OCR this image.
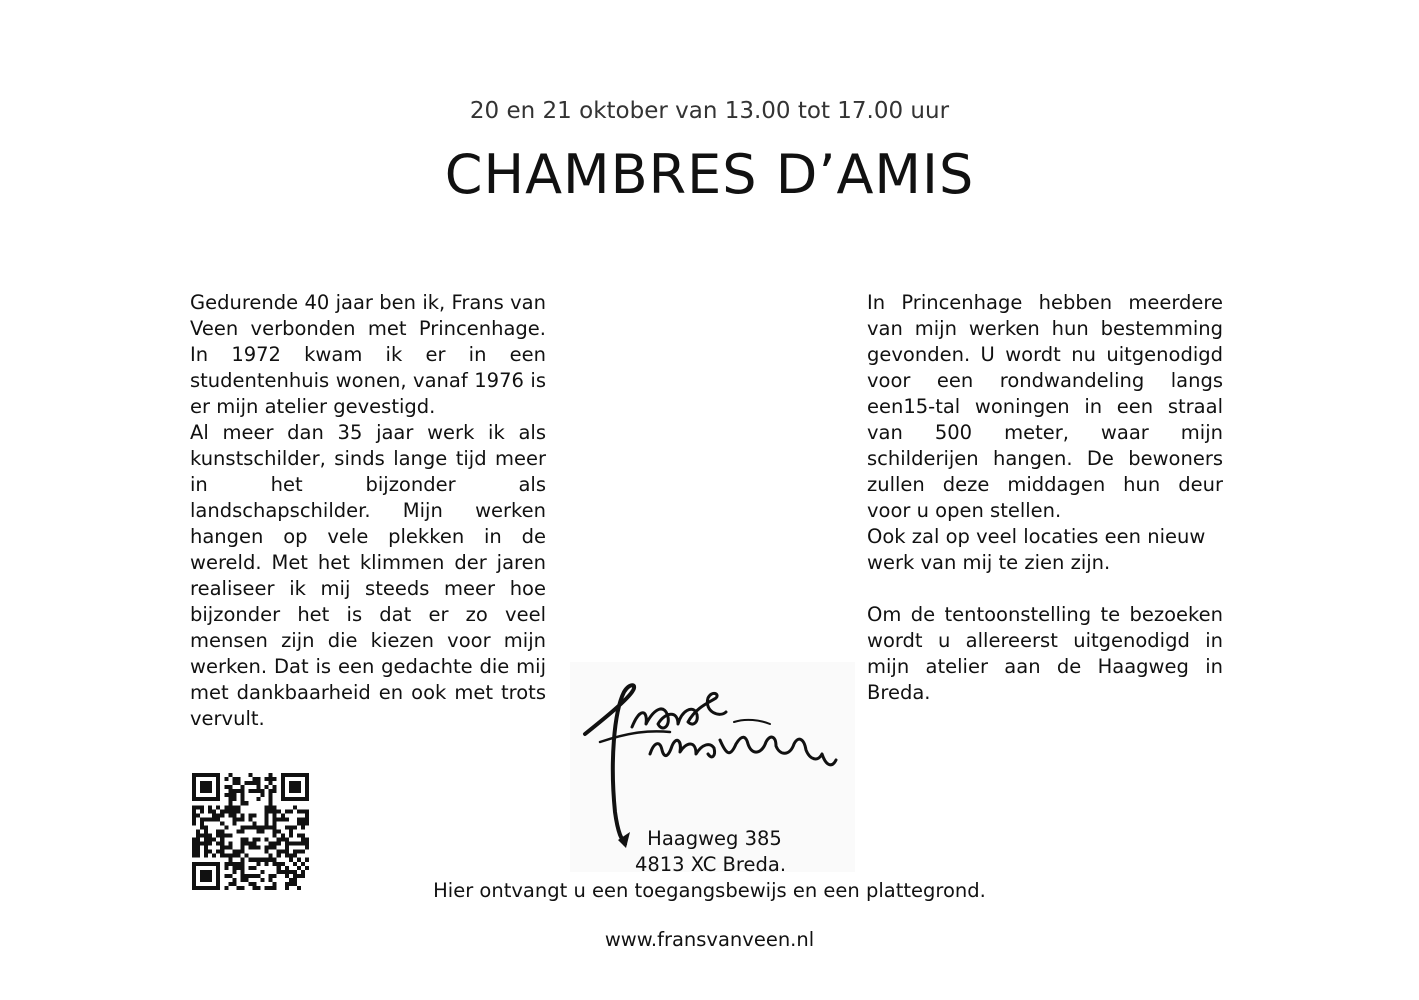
20 en 21 oktober van 13.00 tot 17.00 uur
CHAMBRES D’AMIS

Gedurende 40 jaar ben ik, Frans van Veen verbonden met Princenhage. In 1972 kwam ik er in een studentenhuis wonen, vanaf 1976 is er mijn atelier gevestigd.

Al meer dan 35 jaar werk ik als kunstschilder, sinds lange tijd meer in het bijzonder als landschapschilder. Mijn werken hangen op vele plekken in de wereld. Met het klimmen der jaren realiseer ik mij steeds meer hoe bijzonder het is dat er zo veel mensen zijn die kiezen voor mijn werken. Dat is een gedachte die mij met dankbaarheid en ook met trots vervult.

In Princenhage hebben meerdere van mijn werken hun bestemming gevonden. U wordt nu uitgenodigd voor een rondwandeling langs een15-tal woningen in een straal van 500 meter, waar mijn schilderijen hangen. De bewoners zullen deze middagen hun deur voor u open stellen.

Ook zal op veel locaties een nieuw werk van mij te zien zijn.

Om de tentoonstelling te bezoeken wordt u allereerst uitgenodigd in mijn atelier aan de Haagweg in Breda.

Haagweg 385
4813 XC Breda.
Hier ontvangt u een toegangsbewijs en een plattegrond.
www.fransvanveen.nl
